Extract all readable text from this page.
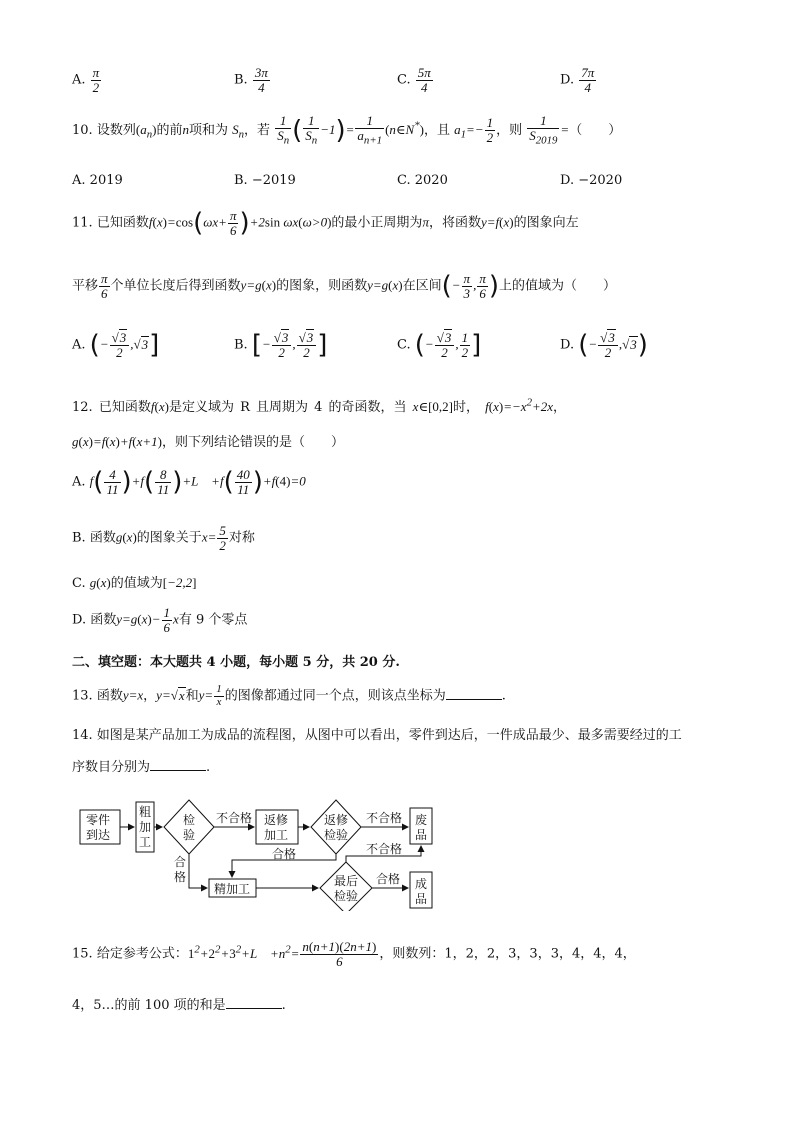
A. $\frac{\pi}{2}$	B. $\frac{3\pi}{4}$	C. $\frac{5\pi}{4}$	D. $\frac{7\pi}{4}$
10. 设数列$(a_n)$的前n项和为 $S_n$，若 $\frac{1}{S_n}$ ( $\frac{1}{S_n} -1)= \frac{1}{a_{n+1}}$ (n∈N*)，且 $a_1=- \frac{1}{2}$ ，则 $\frac{1}{S_{2019}}$ =（　　）
A. 2019	B. −2019	C. 2020	D. −2020
11. 已知函数$f(x)=\cos(\omega x+ \frac{\pi}{6} )+2\sin$ ωx(ω>0)的最小正周期为π，将函数y=f(x)的图象向左
平移 $\frac{\pi}{6}$ 个单位长度后得到函数y=g(x)的图象，则函数y=g(x)在区间(− $\frac{\pi}{3}$ , $\frac{\pi}{6}$ )上的值域为（　　）
A. (− $\frac{√3}{2} ,√3$]	B. [− $\frac{√3}{2}$ , $\frac{√3}{2}$ ]	C. (− $\frac{√3}{2}$ , $\frac{1}{2}$ ]	D. (− $\frac{√3}{2} ,√3$)
12. 已知函数f(x)是定义域为 R 且周期为 4 的奇函数，当 x∈[0,2]时， $f(x)=-x^2+2x$，
g(x)=f(x)+f(x+1)，则下列结论错误的是（　　）
A. $f( \frac{4}{11} )+f( \frac{8}{11} )+L$　$+f( \frac{40}{11} )+f(4)=0$
B. 函数g(x)的图象关于$x= \frac{5}{2}$ 对称
C. g(x)的值域为[−2,2]
D. 函数$y=g(x)- \frac{1}{6}$ x有 9 个零点
二、填空题：本大题共 4 小题，每小题 5 分，共 20 分.
13. 函数y=x，y=√x和$y= \frac{1}{x}$ 的图像都通过同一个点，则该点坐标为	.
14. 如图是某产品加工为成品的流程图，从图中可以看出，零件到达后，一件成品最少、最多需要经过的工
序数目分别为	.
零件
到达
粗
加
工
检
验
不合格 返修
加工
返修
检验
不合格 废
品
合格	不合格
合
格
精加工
最后
检验
合格 成
品
15. 给定参考公式：$1^2+2^2+3^2+L$　$+n^2= \frac{n(n+1)(2n+1)}{6}$ ，则数列：1，2，2，3，3，3，4，4，4，
4，5…的前 100 项的和是	.
